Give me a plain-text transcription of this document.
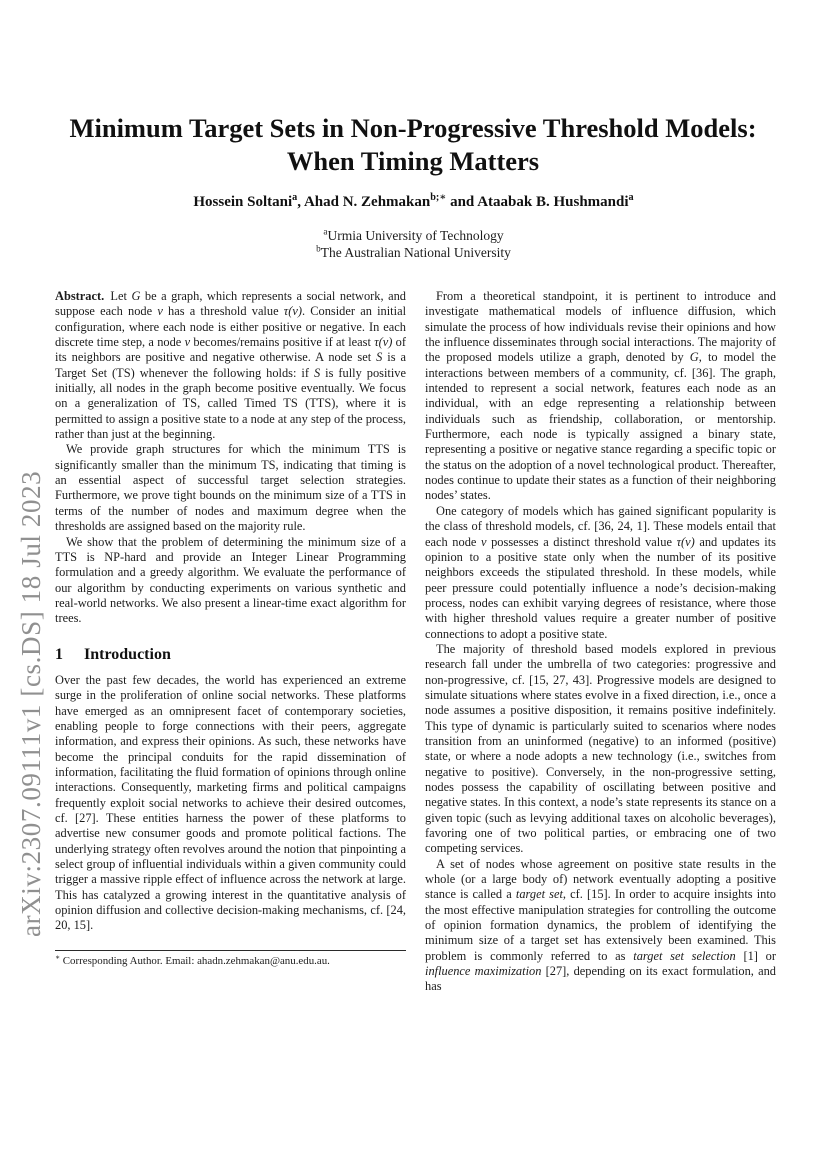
arXiv:2307.09111v1 [cs.DS] 18 Jul 2023
Minimum Target Sets in Non-Progressive Threshold Models: When Timing Matters
Hossein Soltani$^a$, Ahad N. Zehmakan$^{b;∗}$ and Ataabak B. Hushmandi$^a$
$^a$Urmia University of Technology
$^b$The Australian National University

Abstract. Let G be a graph, which represents a social network, and suppose each node v has a threshold value τ(v). Consider an initial configuration, where each node is either positive or negative. In each discrete time step, a node v becomes/remains positive if at least τ(v) of its neighbors are positive and negative otherwise. A node set S is a Target Set (TS) whenever the following holds: if S is fully positive initially, all nodes in the graph become positive eventually. We focus on a generalization of TS, called Timed TS (TTS), where it is permitted to assign a positive state to a node at any step of the process, rather than just at the beginning.

We provide graph structures for which the minimum TTS is significantly smaller than the minimum TS, indicating that timing is an essential aspect of successful target selection strategies. Furthermore, we prove tight bounds on the minimum size of a TTS in terms of the number of nodes and maximum degree when the thresholds are assigned based on the majority rule.

We show that the problem of determining the minimum size of a TTS is NP-hard and provide an Integer Linear Programming formulation and a greedy algorithm. We evaluate the performance of our algorithm by conducting experiments on various synthetic and real-world networks. We also present a linear-time exact algorithm for trees.

1 Introduction

Over the past few decades, the world has experienced an extreme surge in the proliferation of online social networks. These platforms have emerged as an omnipresent facet of contemporary societies, enabling people to forge connections with their peers, aggregate information, and express their opinions. As such, these networks have become the principal conduits for the rapid dissemination of information, facilitating the fluid formation of opinions through online interactions. Consequently, marketing firms and political campaigns frequently exploit social networks to achieve their desired outcomes, cf. [27]. These entities harness the power of these platforms to advertise new consumer goods and promote political factions. The underlying strategy often revolves around the notion that pinpointing a select group of influential individuals within a given community could trigger a massive ripple effect of influence across the network at large. This has catalyzed a growing interest in the quantitative analysis of opinion diffusion and collective decision-making mechanisms, cf. [24, 20, 15].

From a theoretical standpoint, it is pertinent to introduce and investigate mathematical models of influence diffusion, which simulate the process of how individuals revise their opinions and how the influence disseminates through social interactions. The majority of the proposed models utilize a graph, denoted by G, to model the interactions between members of a community, cf. [36]. The graph, intended to represent a social network, features each node as an individual, with an edge representing a relationship between individuals such as friendship, collaboration, or mentorship. Furthermore, each node is typically assigned a binary state, representing a positive or negative stance regarding a specific topic or the status on the adoption of a novel technological product. Thereafter, nodes continue to update their states as a function of their neighboring nodes’ states.

One category of models which has gained significant popularity is the class of threshold models, cf. [36, 24, 1]. These models entail that each node v possesses a distinct threshold value τ(v) and updates its opinion to a positive state only when the number of its positive neighbors exceeds the stipulated threshold. In these models, while peer pressure could potentially influence a node’s decision-making process, nodes can exhibit varying degrees of resistance, where those with higher threshold values require a greater number of positive connections to adopt a positive state.

The majority of threshold based models explored in previous research fall under the umbrella of two categories: progressive and non-progressive, cf. [15, 27, 43]. Progressive models are designed to simulate situations where states evolve in a fixed direction, i.e., once a node assumes a positive disposition, it remains positive indefinitely. This type of dynamic is particularly suited to scenarios where nodes transition from an uninformed (negative) to an informed (positive) state, or where a node adopts a new technology (i.e., switches from negative to positive). Conversely, in the non-progressive setting, nodes possess the capability of oscillating between positive and negative states. In this context, a node’s state represents its stance on a given topic (such as levying additional taxes on alcoholic beverages), favoring one of two political parties, or embracing one of two competing services.

A set of nodes whose agreement on positive state results in the whole (or a large body of) network eventually adopting a positive stance is called a target set, cf. [15]. In order to acquire insights into the most effective manipulation strategies for controlling the outcome of opinion formation dynamics, the problem of identifying the minimum size of a target set has extensively been examined. This problem is commonly referred to as target set selection [1] or influence maximization [27], depending on its exact formulation, and has

∗ Corresponding Author. Email: ahadn.zehmakan@anu.edu.au.
